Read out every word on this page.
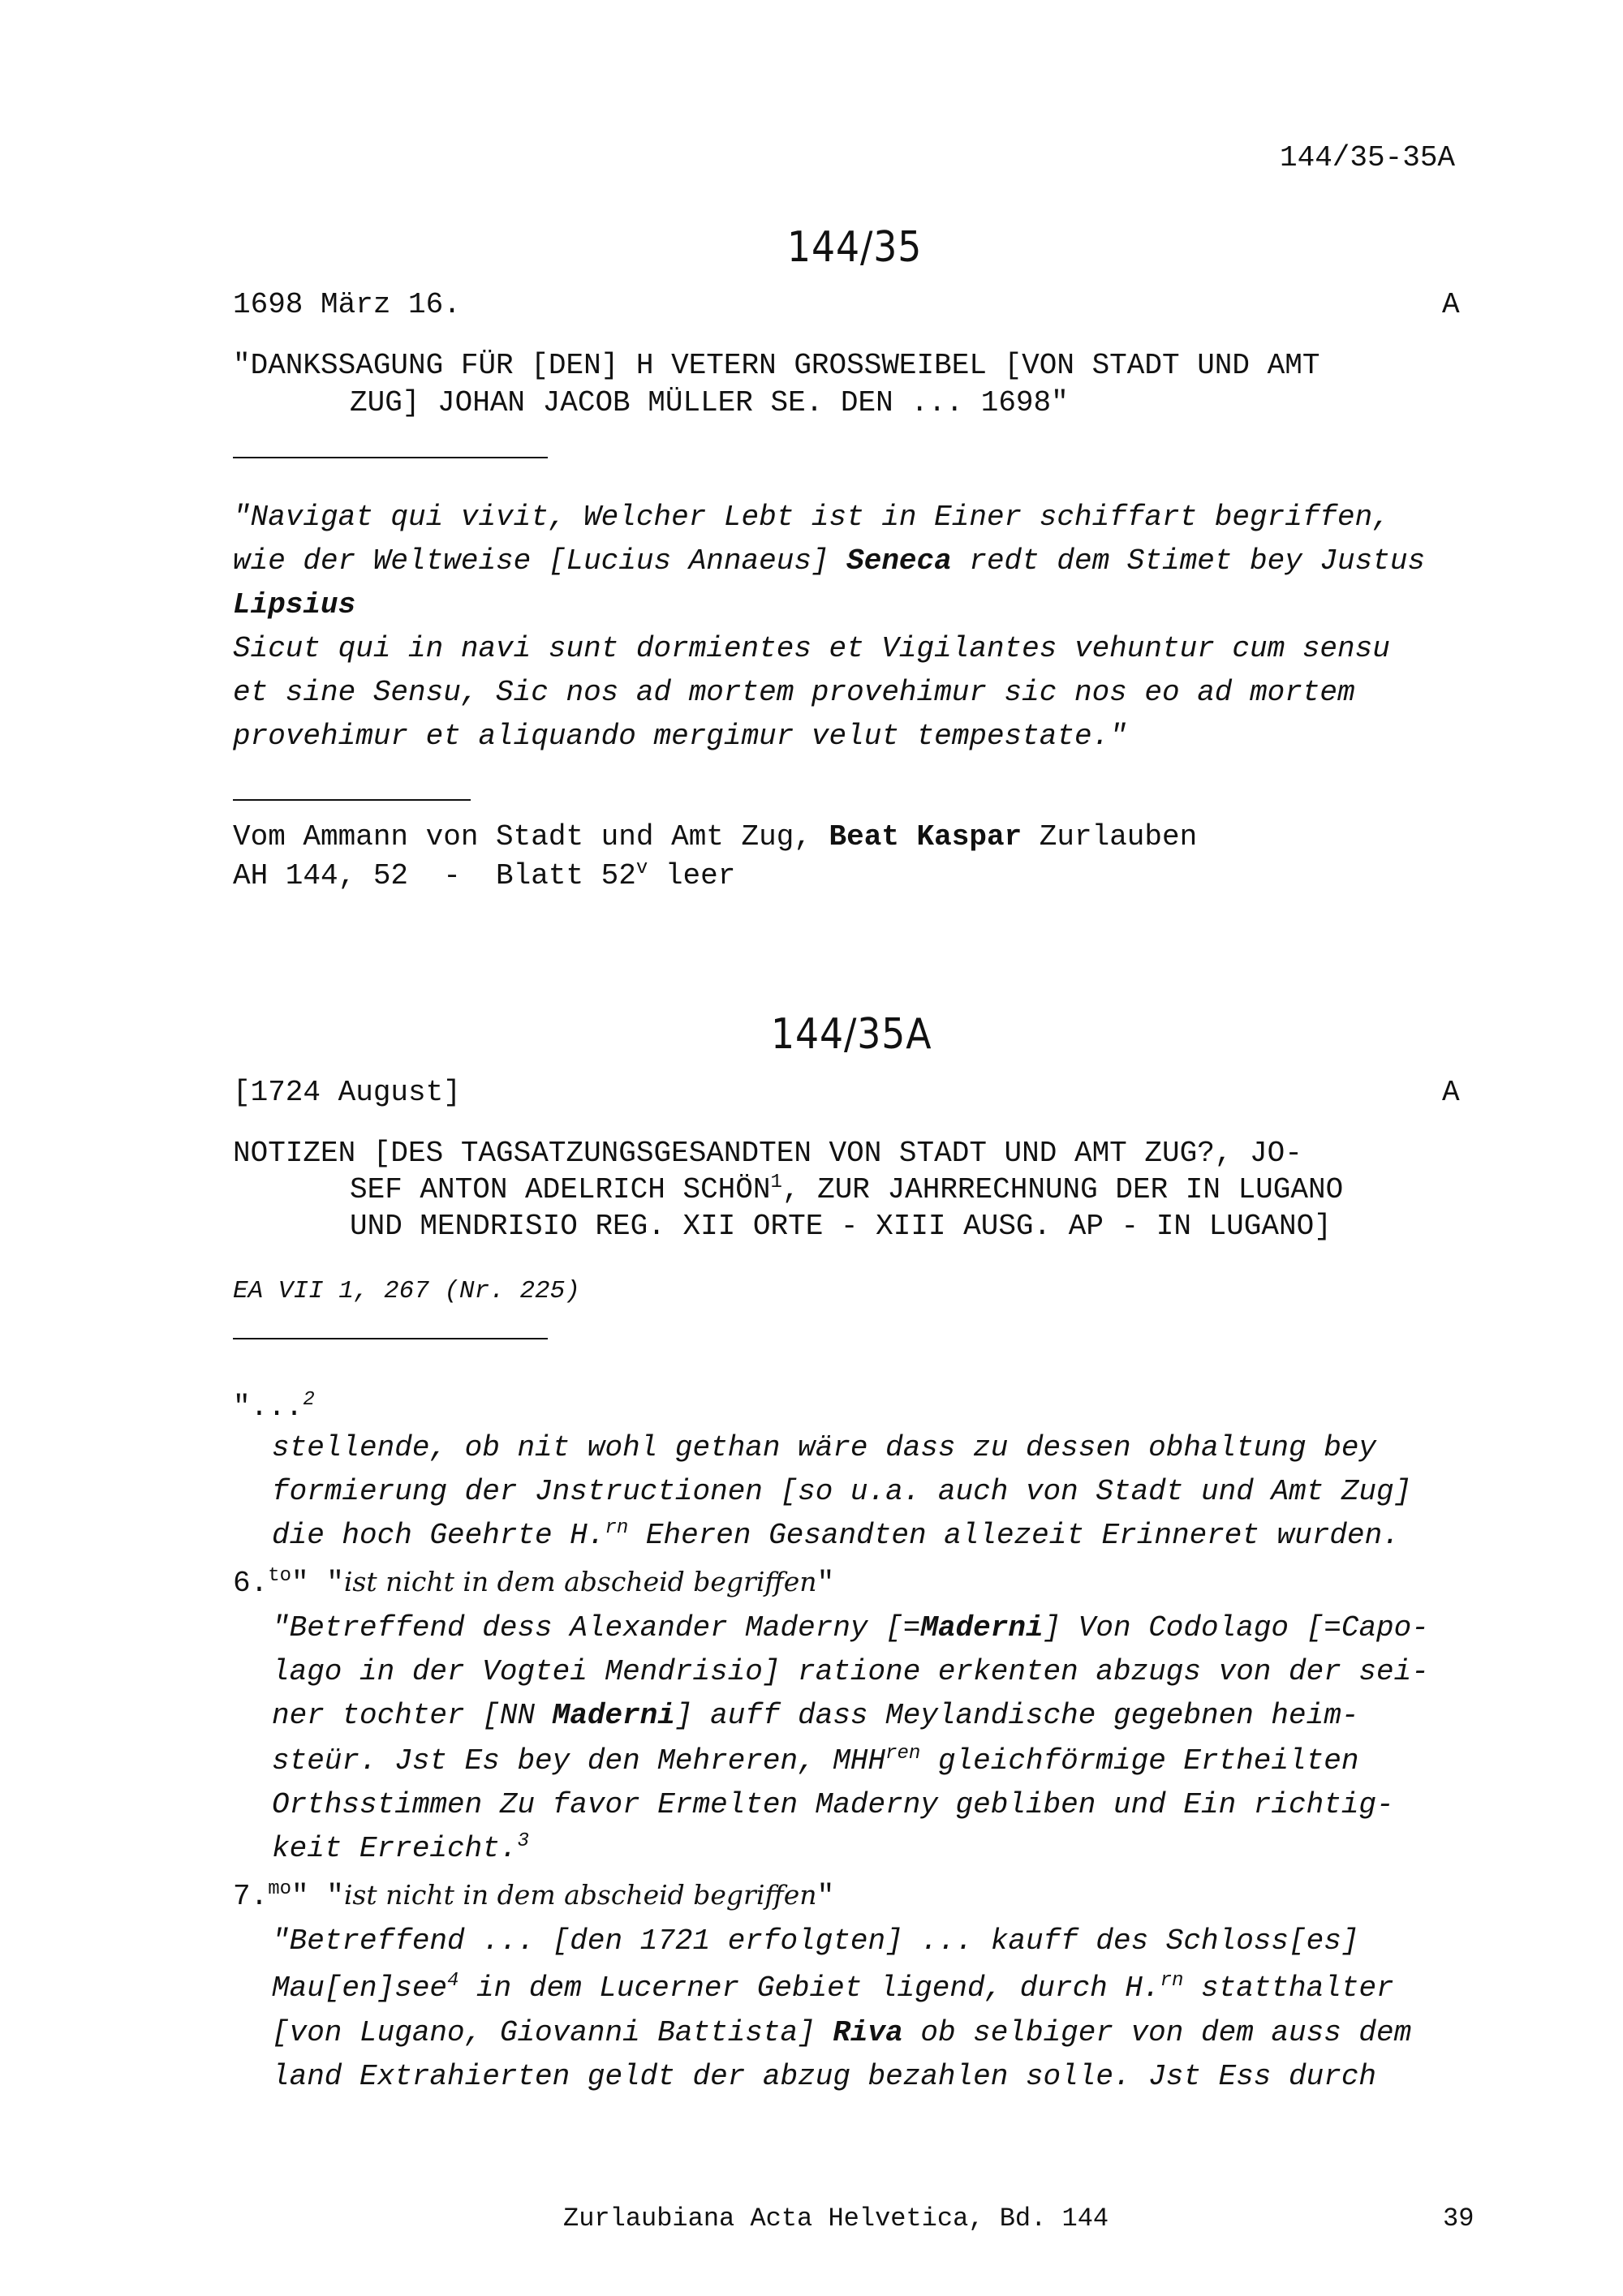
144/35-35A
144/35
1698 März 16.	A
"DANKSSAGUNG FÜR [DEN] H VETERN GROSSWEIBEL [VON STADT UND AMT
ZUG] JOHAN JACOB MÜLLER SE. DEN ... 1698"
"Navigat qui vivit, Welcher Lebt ist in Einer schiffart begriffen,
wie der Weltweise [Lucius Annaeus] Seneca redt dem Stimet bey Justus
Lipsius
Sicut qui in navi sunt dormientes et Vigilantes vehuntur cum sensu
et sine Sensu, Sic nos ad mortem provehimur sic nos eo ad mortem
provehimur et aliquando mergimur velut tempestate."
Vom Ammann von Stadt und Amt Zug, Beat Kaspar Zurlauben
AH 144, 52  -  Blatt 52$^v$ leer
144/35A
[1724 August]	A
NOTIZEN [DES TAGSATZUNGSGESANDTEN VON STADT UND AMT ZUG?, JO-
SEF ANTON ADELRICH SCHÖN$^1$, ZUR JAHRRECHNUNG DER IN LUGANO
UND MENDRISIO REG. XII ORTE - XIII AUSG. AP - IN LUGANO]
EA VII 1, 267 (Nr. 225)
"...$^2$
stellende, ob nit wohl gethan wäre dass zu dessen obhaltung bey
formierung der Jnstructionen [so u.a. auch von Stadt und Amt Zug]
die hoch Geehrte H.$^{rn}$ Eheren Gesandten allezeit Erinneret wurden.
6.$^{to}$" "ist nicht in dem abscheid begriffen"
"Betreffend dess Alexander Maderny [=Maderni] Von Codolago [=Capo-
lago in der Vogtei Mendrisio] ratione erkenten abzugs von der sei-
ner tochter [NN Maderni] auff dass Meylandische gegebnen heim-
steür. Jst Es bey den Mehreren, $MHH^{ren}$ gleichförmige Ertheilten
Orthsstimmen Zu favor Ermelten Maderny gebliben und Ein richtig-
keit Erreicht.$^3$
7.$^{mo}$" "ist nicht in dem abscheid begriffen"
"Betreffend ... [den 1721 erfolgten] ... kauff des Schloss[es]
Mau[en]see$^4$ in dem Lucerner Gebiet ligend, durch H.$^{rn}$ statthalter
[von Lugano, Giovanni Battista] Riva ob selbiger von dem auss dem
land Extrahierten geldt der abzug bezahlen solle. Jst Ess durch
Zurlaubiana Acta Helvetica, Bd. 144	39
